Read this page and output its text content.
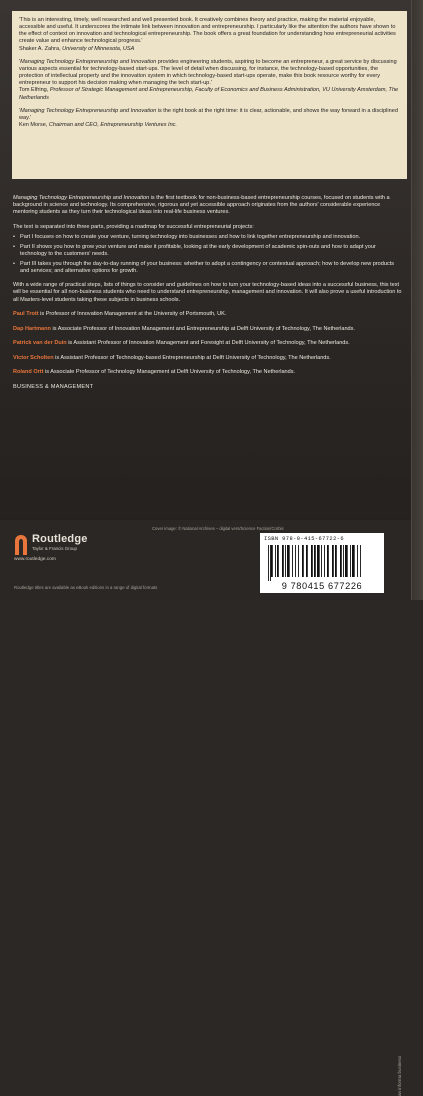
'This is an interesting, timely, well researched and well presented book. It creatively combines theory and practice, making the material enjoyable, accessible and useful. It underscores the intimate link between innovation and entrepreneurship. I particularly like the attention the authors have shown to the effect of context on innovation and technological entrepreneurship. The book offers a great foundation for understanding how entrepreneurial activities create value and enhance technological progress.'
Shaker A. Zahra, University of Minnesota, USA
'Managing Technology Entrepreneurship and Innovation provides engineering students, aspiring to become an entrepreneur, a great service by discussing various aspects essential for technology-based start-ups. The level of detail when discussing, for instance, the technology-based opportunities, the protection of intellectual property and the innovation system in which technology-based start-ups operate, make this book resource worthy for every entrepreneur to support his decision making when managing the tech start-up.'
Tom Elfring, Professor of Strategic Management and Entrepreneurship, Faculty of Economics and Business Administration, VU University Amsterdam, The Netherlands
'Managing Technology Entrepreneurship and Innovation is the right book at the right time: it is clear, actionable, and shows the way forward in a disciplined way.'
Ken Morse, Chairman and CEO, Entrepreneurship Ventures Inc.

Managing Technology Entrepreneurship and Innovation is the first textbook for non-business-based entrepreneurship courses, focused on students with a background in science and technology. Its comprehensive, rigorous and yet accessible approach originates from the authors' considerable experience mentoring students as they turn their technological ideas into real-life business ventures.

The text is separated into three parts, providing a roadmap for successful entrepreneurial projects:

• Part I focuses on how to create your venture, turning technology into businesses and how to link together entrepreneurship and innovation.
• Part II shows you how to grow your venture and make it profitable, looking at the early development of academic spin-outs and how to adapt your technology to the customers' needs.
• Part III takes you through the day-to-day running of your business: whether to adopt a contingency or contextual approach; how to develop new products and services; and alternative options for growth.

With a wide range of practical steps, lists of things to consider and guidelines on how to turn your technology-based ideas into a successful business, this text will be essential for all non-business students who need to understand entrepreneurship, management and innovation. It will also prove a useful introduction to all Masters-level students taking these subjects in business schools.

Paul Trott is Professor of Innovation Management at the University of Portsmouth, UK.

Dap Hartmann is Associate Professor of Innovation Management and Entrepreneurship at Delft University of Technology, The Netherlands.

Patrick van der Duin is Assistant Professor of Innovation Management and Foresight at Delft University of Technology, The Netherlands.

Victor Scholten is Assistant Professor of Technology-based Entrepreneurship at Delft University of Technology, The Netherlands.

Roland Ortt is Associate Professor of Technology Management at Delft University of Technology, The Netherlands.

BUSINESS & MANAGEMENT
Routledge
Taylor & Francis Group
www.routledge.com
Routledge titles are available as eBook editions in a range of digital formats
Cover image: © National Archives – digital vers/Science Faction/Corbis
ISBN 978-0-415-67722-6
9 780415 677226
an informa business
